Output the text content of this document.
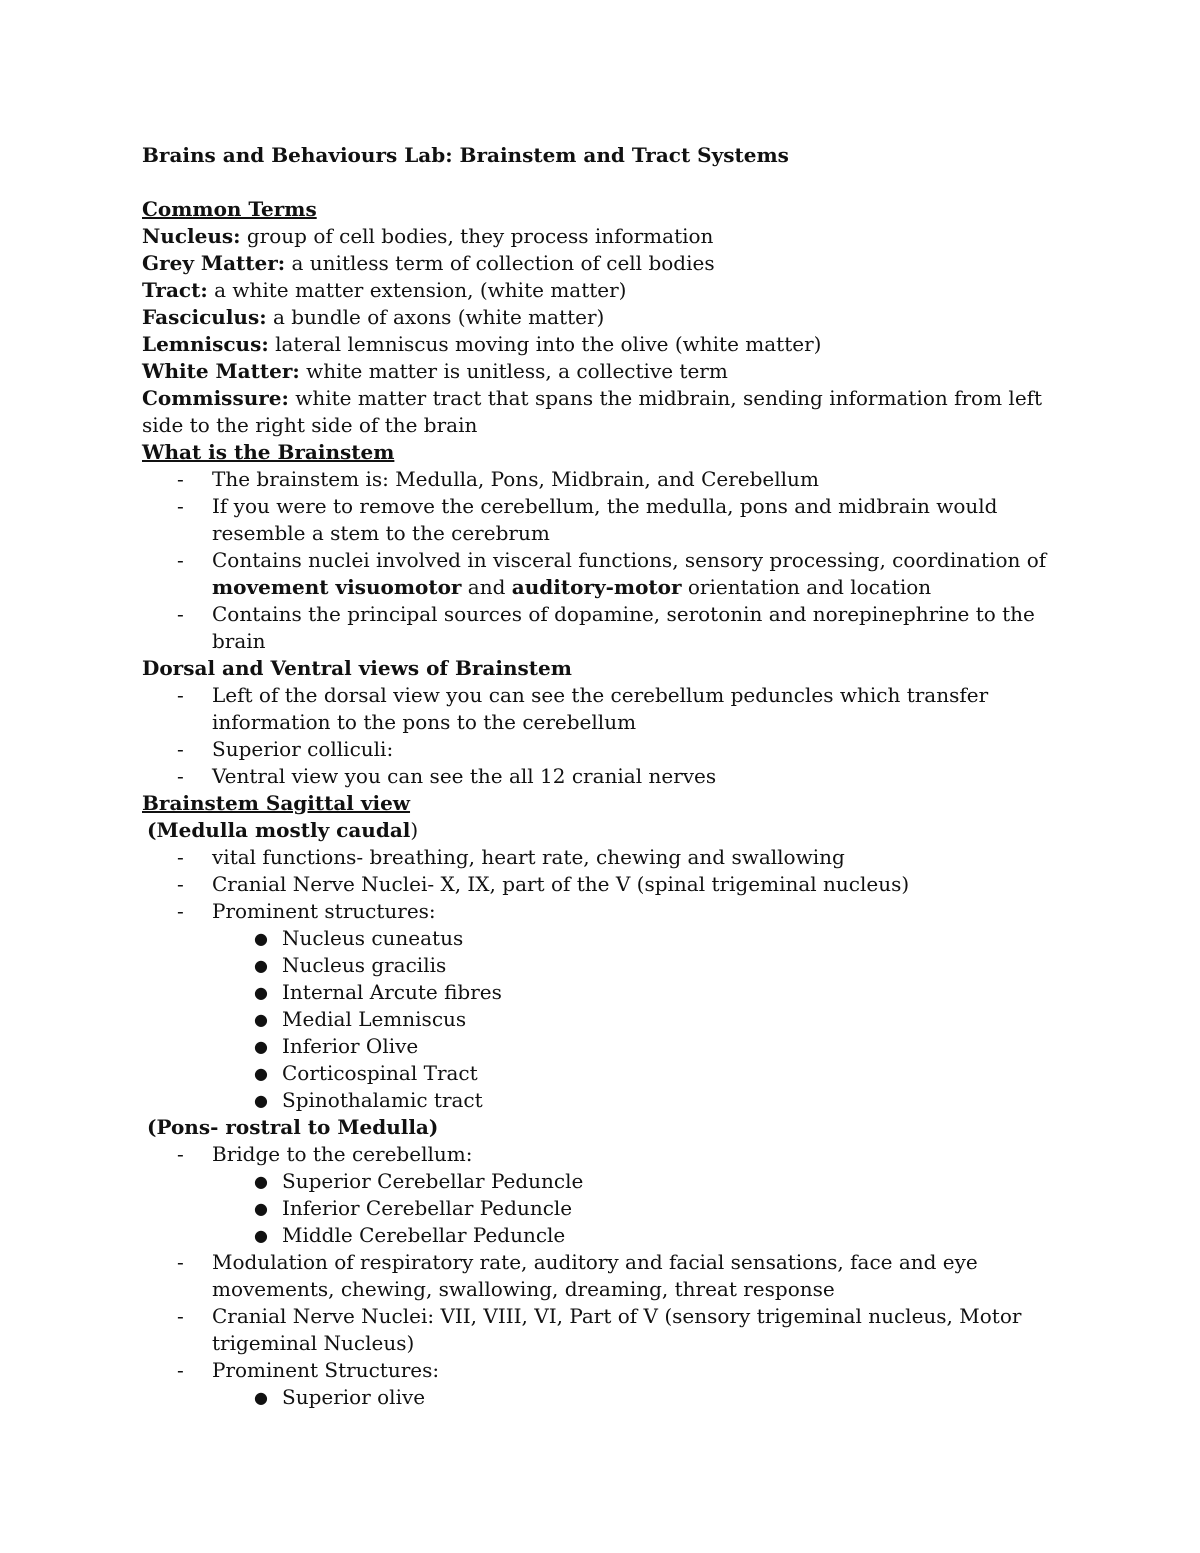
Brains and Behaviours Lab: Brainstem and Tract Systems
Common Terms
Nucleus: group of cell bodies, they process information
Grey Matter: a unitless term of collection of cell bodies
Tract: a white matter extension, (white matter)
Fasciculus: a bundle of axons (white matter)
Lemniscus: lateral lemniscus moving into the olive (white matter)
White Matter: white matter is unitless, a collective term
Commissure: white matter tract that spans the midbrain, sending information from left side to the right side of the brain
What is the Brainstem
- The brainstem is: Medulla, Pons, Midbrain, and Cerebellum
- If you were to remove the cerebellum, the medulla, pons and midbrain would resemble a stem to the cerebrum
- Contains nuclei involved in visceral functions, sensory processing, coordination of movement visuomotor and auditory-motor orientation and location
- Contains the principal sources of dopamine, serotonin and norepinephrine to the brain
Dorsal and Ventral views of Brainstem
- Left of the dorsal view you can see the cerebellum peduncles which transfer information to the pons to the cerebellum
- Superior colliculi:
- Ventral view you can see the all 12 cranial nerves
Brainstem Sagittal view
(Medulla mostly caudal)
- vital functions- breathing, heart rate, chewing and swallowing
- Cranial Nerve Nuclei- X, IX, part of the V (spinal trigeminal nucleus)
- Prominent structures:
● Nucleus cuneatus
● Nucleus gracilis
● Internal Arcute fibres
● Medial Lemniscus
● Inferior Olive
● Corticospinal Tract
● Spinothalamic tract
(Pons- rostral to Medulla)
- Bridge to the cerebellum:
● Superior Cerebellar Peduncle
● Inferior Cerebellar Peduncle
● Middle Cerebellar Peduncle
- Modulation of respiratory rate, auditory and facial sensations, face and eye movements, chewing, swallowing, dreaming, threat response
- Cranial Nerve Nuclei: VII, VIII, VI, Part of V (sensory trigeminal nucleus, Motor trigeminal Nucleus)
- Prominent Structures:
● Superior olive
